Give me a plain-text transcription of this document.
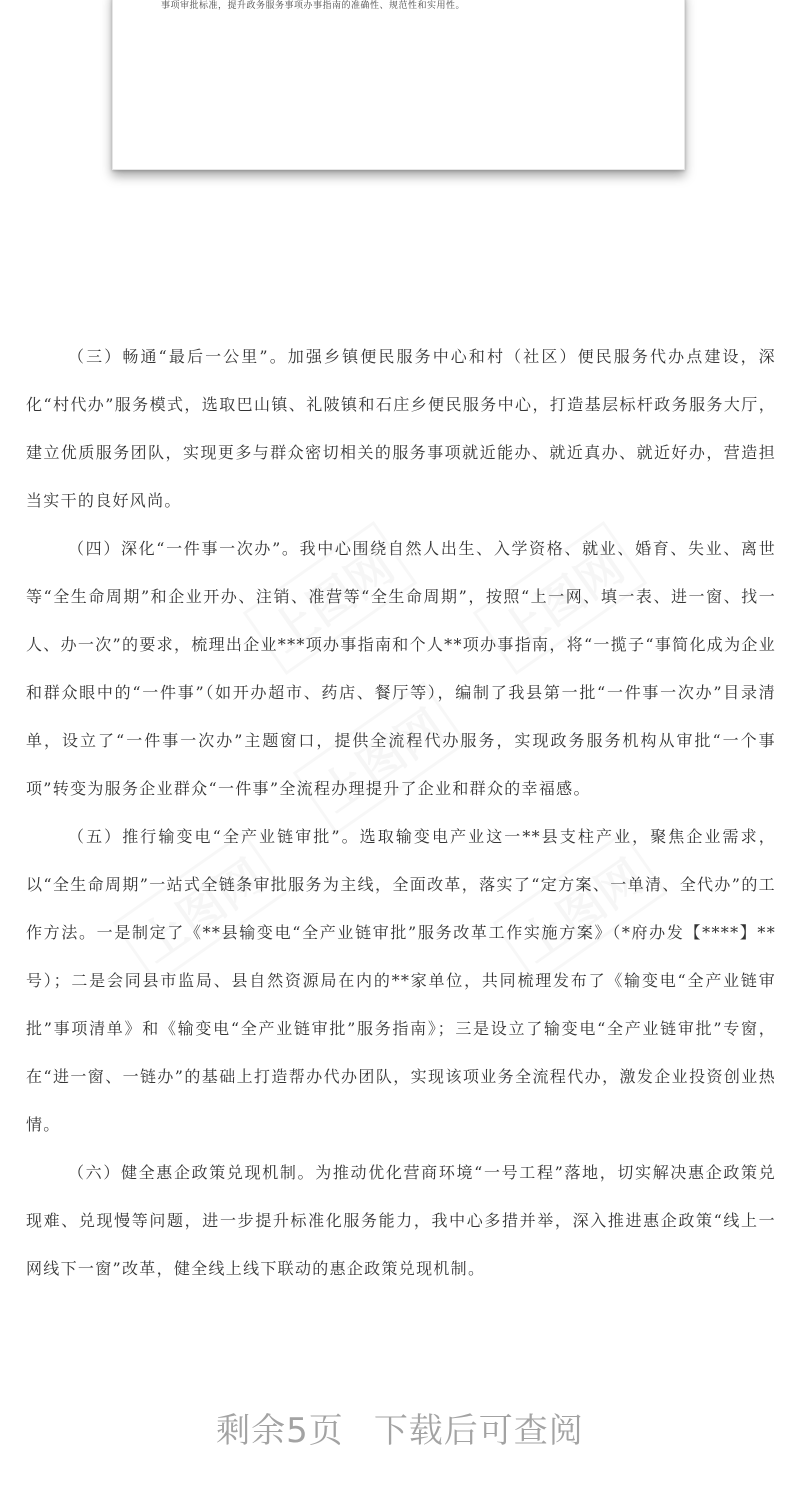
事项审批标准，提升政务服务事项办事指南的准确性、规范性和实用性。

（三）畅通“最后一公里”。加强乡镇便民服务中心和村（社区）便民服务代办点建设，深化“村代办”服务模式，选取巴山镇、礼陂镇和石庄乡便民服务中心，打造基层标杆政务服务大厅，建立优质服务团队，实现更多与群众密切相关的服务事项就近能办、就近真办、就近好办，营造担当实干的良好风尚。

（四）深化“一件事一次办”。我中心围绕自然人出生、入学资格、就业、婚育、失业、离世等“全生命周期”和企业开办、注销、准营等“全生命周期”，按照“上一网、填一表、进一窗、找一人、办一次”的要求，梳理出企业***项办事指南和个人**项办事指南，将“一揽子“事简化成为企业和群众眼中的“一件事”（如开办超市、药店、餐厅等），编制了我县第一批“一件事一次办”目录清单，设立了“一件事一次办”主题窗口，提供全流程代办服务，实现政务服务机构从审批“一个事项”转变为服务企业群众“一件事”全流程办理提升了企业和群众的幸福感。

（五）推行输变电“全产业链审批”。选取输变电产业这一**县支柱产业，聚焦企业需求，以“全生命周期”一站式全链条审批服务为主线，全面改革，落实了“定方案、一单清、全代办”的工作方法。一是制定了《**县输变电“全产业链审批”服务改革工作实施方案》（*府办发【****】**号）；二是会同县市监局、县自然资源局在内的**家单位，共同梳理发布了《输变电“全产业链审批”事项清单》和《输变电“全产业链审批”服务指南》；三是设立了输变电“全产业链审批”专窗，在“进一窗、一链办”的基础上打造帮办代办团队，实现该项业务全流程代办，激发企业投资创业热情。

（六）健全惠企政策兑现机制。为推动优化营商环境“一号工程”落地，切实解决惠企政策兑现难、兑现慢等问题，进一步提升标准化服务能力，我中心多措并举，深入推进惠企政策“线上一网线下一窗”改革，健全线上线下联动的惠企政策兑现机制。

剩余5页 下载后可查阅
